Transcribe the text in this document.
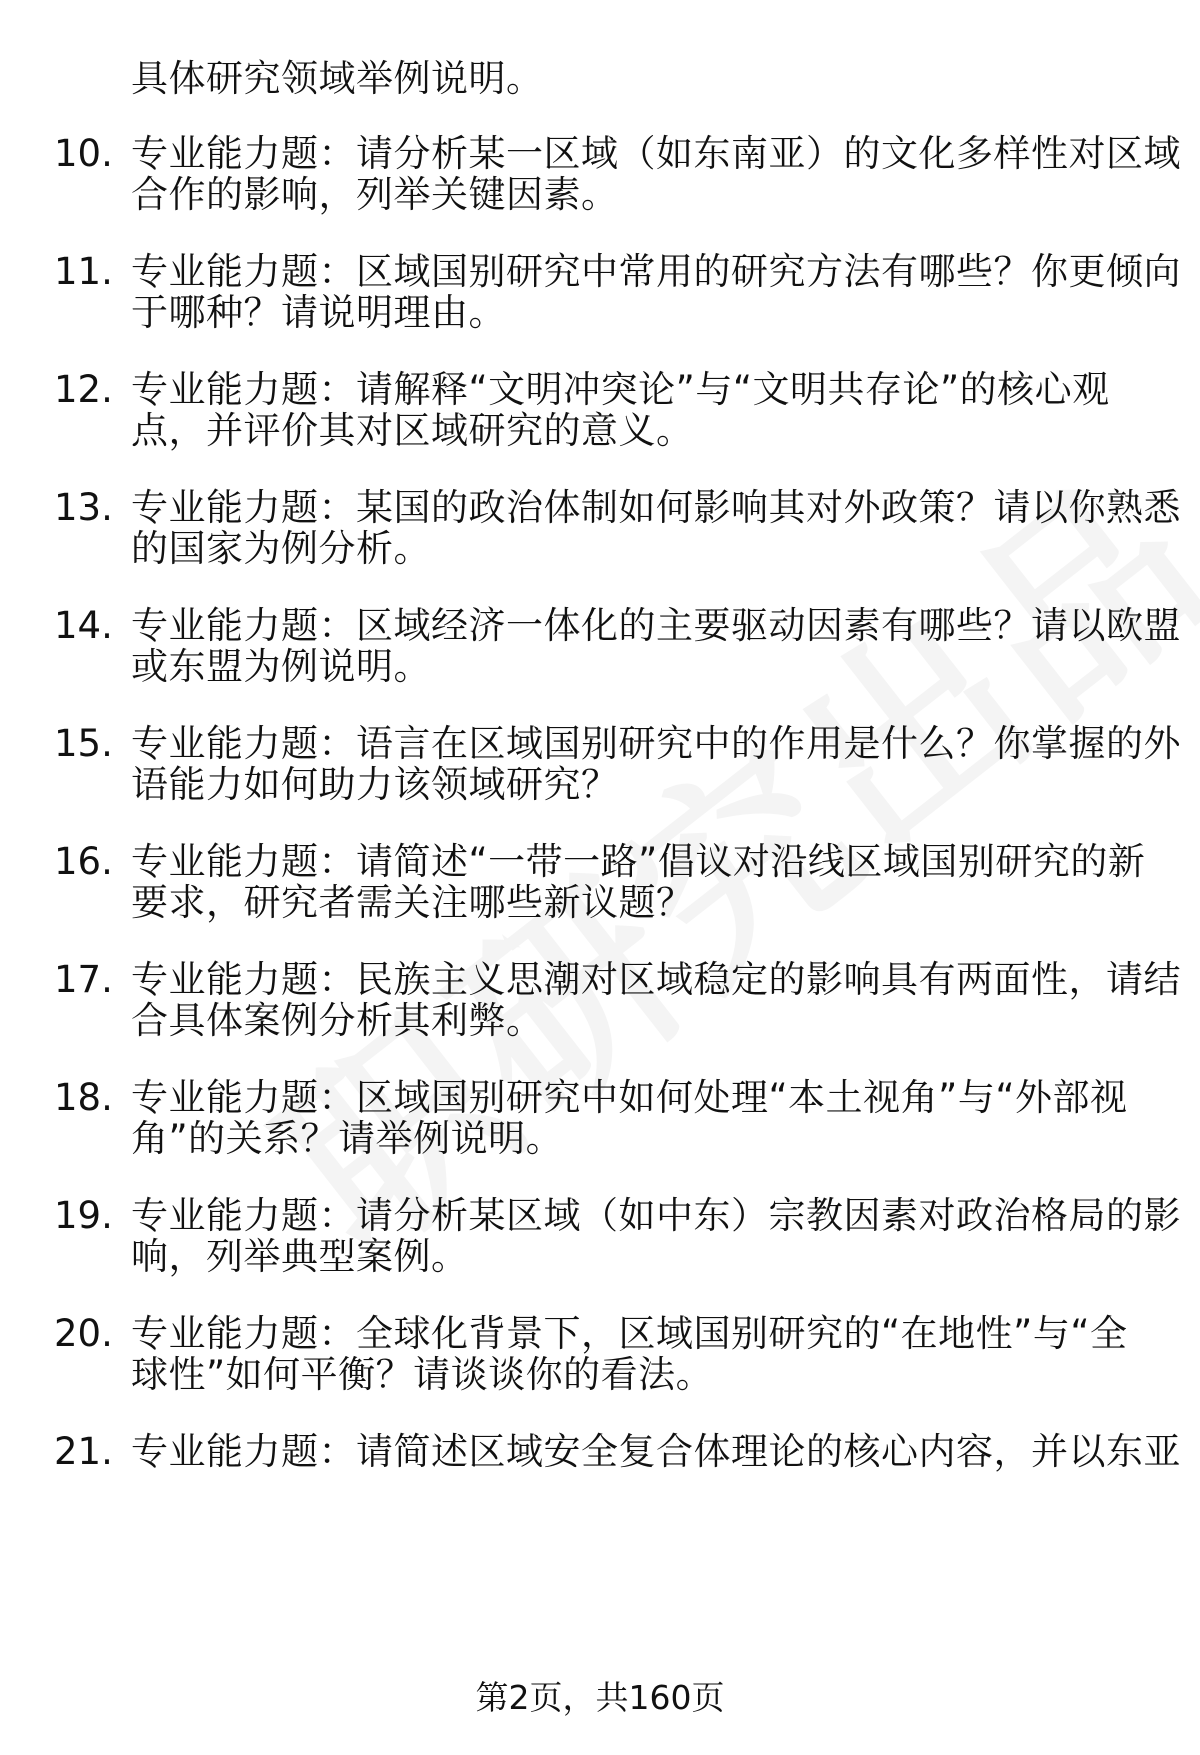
具体研究领域举例说明。
10. 专业能力题：请分析某一区域（如东南亚）的文化多样性对区域
合作的影响，列举关键因素。
11. 专业能力题：区域国别研究中常用的研究方法有哪些？你更倾向
于哪种？请说明理由。
12. 专业能力题：请解释“文明冲突论”与“文明共存论”的核心观
点，并评价其对区域研究的意义。
13. 专业能力题：某国的政治体制如何影响其对外政策？请以你熟悉
的国家为例分析。
14. 专业能力题：区域经济一体化的主要驱动因素有哪些？请以欧盟
或东盟为例说明。
15. 专业能力题：语言在区域国别研究中的作用是什么？你掌握的外
语能力如何助力该领域研究？
16. 专业能力题：请简述“一带一路”倡议对沿线区域国别研究的新
要求，研究者需关注哪些新议题？
17. 专业能力题：民族主义思潮对区域稳定的影响具有两面性，请结
合具体案例分析其利弊。
18. 专业能力题：区域国别研究中如何处理“本土视角”与“外部视
角”的关系？请举例说明。
19. 专业能力题：请分析某区域（如中东）宗教因素对政治格局的影
响，列举典型案例。
20. 专业能力题：全球化背景下，区域国别研究的“在地性”与“全
球性”如何平衡？请谈谈你的看法。
21. 专业能力题：请简述区域安全复合体理论的核心内容，并以东亚
第2页，共160页
